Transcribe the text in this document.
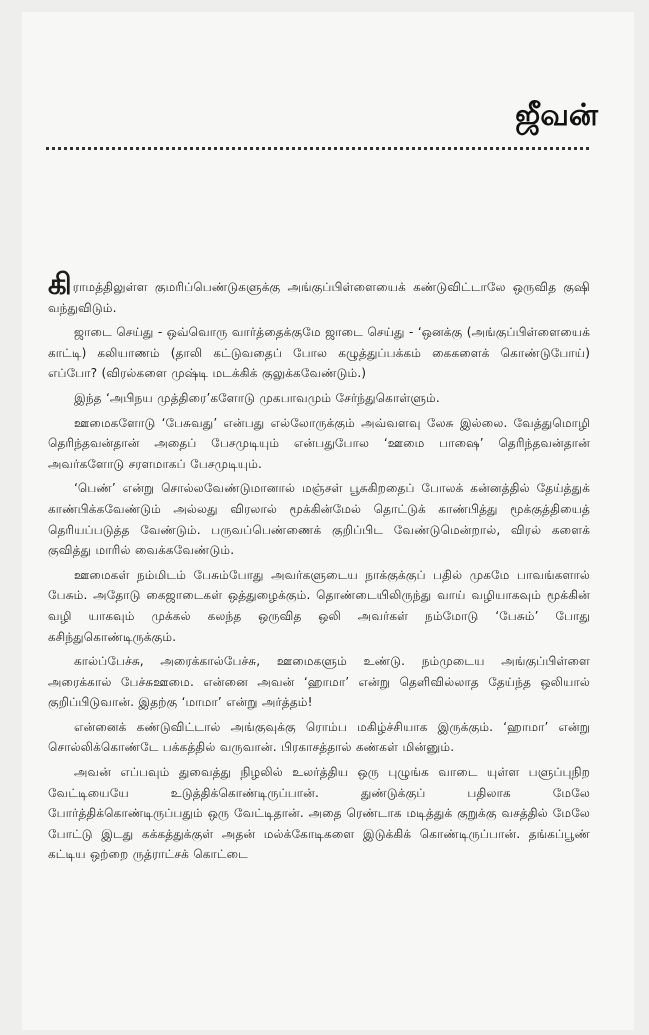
ஜீவன்

கிராமத்திலுள்ள குமரிப்பெண்டுகளுக்கு அங்குப்பிள்ளையைக் கண்டுவிட்டாலே ஒருவித குஷி வந்துவிடும்.

ஜாடை செய்து - ஒவ்வொரு வார்த்தைக்குமே ஜாடை செய்து - ‘ஒனக்கு (அங்குப்பிள்ளையைக் காட்டி) கலியாணம் (தாலி கட்டுவதைப் போல கழுத்துப்பக்கம் கைகளைக் கொண்டுபோய்) எப்போ? (விரல்களை முஷ்டி மடக்கிக் குலுக்கவேண்டும்.)

இந்த ‘அபிநய முத்திரை’களோடு முகபாவமும் சேர்ந்துகொள்ளும்.

ஊமைகளோடு ‘பேசுவது’ என்பது எல்லோருக்கும் அவ்வளவு லேசு இல்லை. வேத்துமொழி தெரிந்தவன்தான் அதைப் பேசமுடியும் என்பதுபோல ‘ஊமை பாஷை’ தெரிந்தவன்தான் அவர்களோடு சரளமாகப் பேசமுடியும்.

‘பெண்’ என்று சொல்லவேண்டுமானால் மஞ்சள் பூசுகிறதைப் போலக் கன்னத்தில் தேய்த்துக் காண்பிக்கவேண்டும் அல்லது விரலால் மூக்கின்மேல் தொட்டுக் காண்பித்து மூக்குத்தியைத் தெரியப்படுத்த வேண்டும். பருவப்பெண்ணைக் குறிப்பிட வேண்டுமென்றால், விரல் களைக் குவித்து மாரில் வைக்கவேண்டும்.

ஊமைகள் நம்மிடம் பேசும்போது அவர்களுடைய நாக்குக்குப் பதில் முகமே பாவங்களால் பேசும். அதோடு கைஜாடைகள் ஒத்துழைக்கும். தொண்டையிலிருந்து வாய் வழியாகவும் மூக்கின் வழி யாகவும் முக்கல் கலந்த ஒருவித ஒலி அவர்கள் நம்மோடு ‘பேசும்’ போது கசிந்துகொண்டிருக்கும்.

கால்ப்பேச்சு, அரைக்கால்பேச்சு, ஊமைகளும் உண்டு. நம்முடைய அங்குப்பிள்ளை அரைக்கால் பேச்சுஊமை. என்னை அவன் ‘ஹாமா’ என்று தெளிவில்லாத தேய்ந்த ஒலியால் குறிப்பிடுவான். இதற்கு ‘மாமா’ என்று அர்த்தம்!

என்னைக் கண்டுவிட்டால் அங்குவுக்கு ரொம்ப மகிழ்ச்சியாக இருக்கும். ‘ஹாமா’ என்று சொல்லிக்கொண்டே பக்கத்தில் வருவான். பிரகாசத்தால் கண்கள் மின்னும்.

அவன் எப்பவும் துவைத்து நிழலில் உலர்த்திய ஒரு புழுங்க வாடை யுள்ள பளுப்புநிற வேட்டியையே உடுத்திக்கொண்டிருப்பான். துண்டுக்குப் பதிலாக மேலே போர்த்திக்கொண்டிருப்பதும் ஒரு வேட்டிதான். அதை ரெண்டாக மடித்துக் குறுக்கு வசத்தில் மேலே போட்டு இடது கக்கத்துக்குள் அதன் மல்க்கோடிகளை இடுக்கிக் கொண்டிருப்பான். தங்கப்பூண் கட்டிய ஒற்றை ருத்ராட்சக் கொட்டை
